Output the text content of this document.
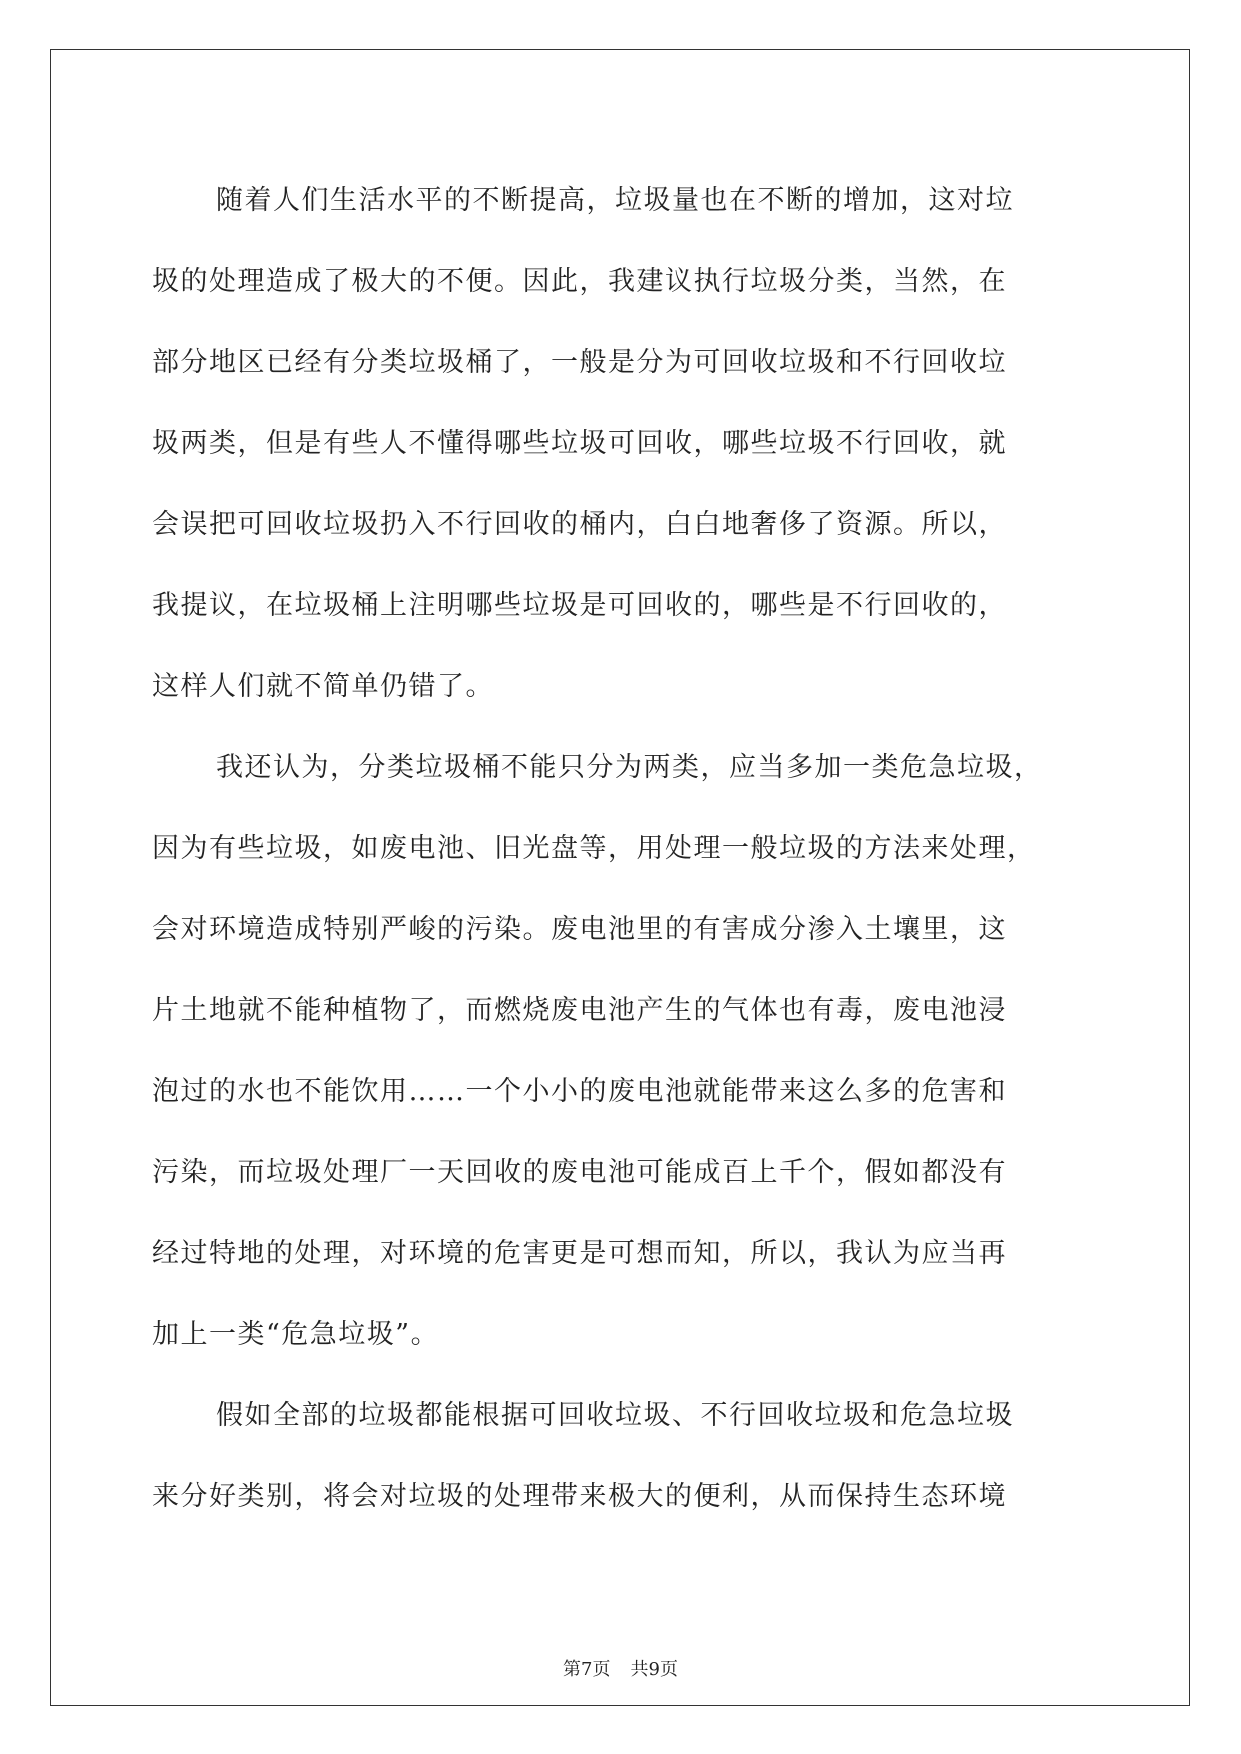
随着人们生活水平的不断提高，垃圾量也在不断的增加，这对垃
圾的处理造成了极大的不便。因此，我建议执行垃圾分类，当然，在
部分地区已经有分类垃圾桶了，一般是分为可回收垃圾和不行回收垃
圾两类，但是有些人不懂得哪些垃圾可回收，哪些垃圾不行回收，就
会误把可回收垃圾扔入不行回收的桶内，白白地奢侈了资源。所以，
我提议，在垃圾桶上注明哪些垃圾是可回收的，哪些是不行回收的，
这样人们就不简单仍错了。
我还认为，分类垃圾桶不能只分为两类，应当多加一类危急垃圾，
因为有些垃圾，如废电池、旧光盘等，用处理一般垃圾的方法来处理，
会对环境造成特别严峻的污染。废电池里的有害成分渗入土壤里，这
片土地就不能种植物了，而燃烧废电池产生的气体也有毒，废电池浸
泡过的水也不能饮用……一个小小的废电池就能带来这么多的危害和
污染，而垃圾处理厂一天回收的废电池可能成百上千个，假如都没有
经过特地的处理，对环境的危害更是可想而知，所以，我认为应当再
加上一类“危急垃圾”。
假如全部的垃圾都能根据可回收垃圾、不行回收垃圾和危急垃圾
来分好类别，将会对垃圾的处理带来极大的便利，从而保持生态环境
第7页 共9页
